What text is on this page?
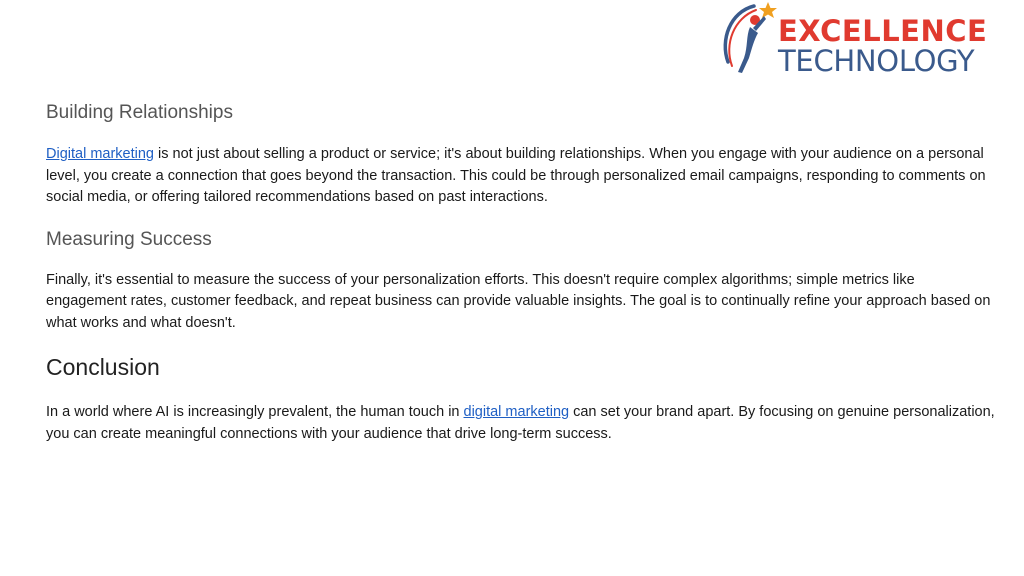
EXCELLENCE
TECHNOLOGY
Building Relationships

Digital marketing is not just about selling a product or service; it's about building relationships. When you engage with your audience on a personal level, you create a connection that goes beyond the transaction. This could be through personalized email campaigns, responding to comments on social media, or offering tailored recommendations based on past interactions.

Measuring Success

Finally, it's essential to measure the success of your personalization efforts. This doesn't require complex algorithms; simple metrics like engagement rates, customer feedback, and repeat business can provide valuable insights. The goal is to continually refine your approach based on what works and what doesn't.

Conclusion

In a world where AI is increasingly prevalent, the human touch in digital marketing can set your brand apart. By focusing on genuine personalization, you can create meaningful connections with your audience that drive long-term success.
